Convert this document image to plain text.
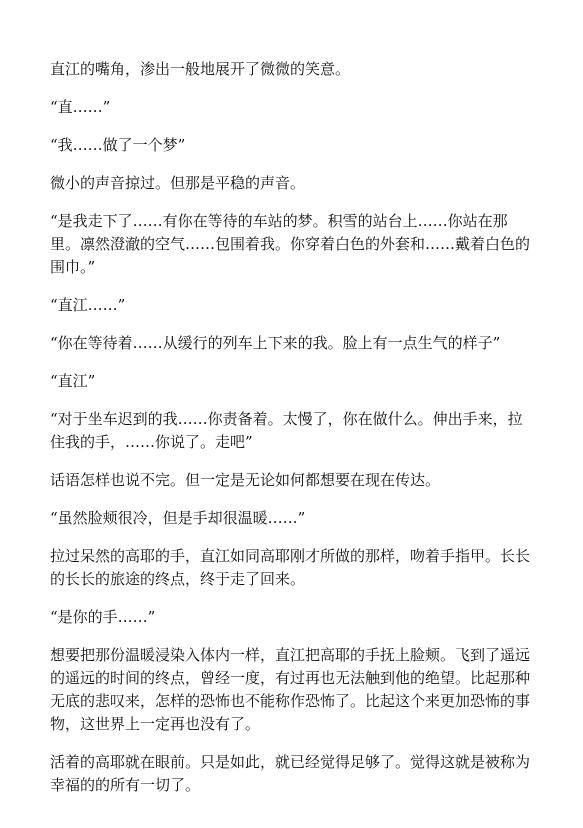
直江的嘴角，渗出一般地展开了微微的笑意。

“直……”

“我……做了一个梦”

微小的声音掠过。但那是平稳的声音。

“是我走下了……有你在等待的车站的梦。积雪的站台上……你站在那里。凛然澄澈的空气……包围着我。你穿着白色的外套和……戴着白色的围巾。”

“直江……”

“你在等待着……从缓行的列车上下来的我。脸上有一点生气的样子”

“直江”

“对于坐车迟到的我……你责备着。太慢了，你在做什么。伸出手来，拉住我的手，……你说了。走吧”

话语怎样也说不完。但一定是无论如何都想要在现在传达。

“虽然脸颊很冷，但是手却很温暖……”

拉过呆然的高耶的手，直江如同高耶刚才所做的那样，吻着手指甲。长长的长长的旅途的终点，终于走了回来。

“是你的手……”

想要把那份温暖浸染入体内一样，直江把高耶的手抚上脸颊。飞到了遥远的遥远的时间的终点，曾经一度，有过再也无法触到他的绝望。比起那种无底的悲叹来，怎样的恐怖也不能称作恐怖了。比起这个来更加恐怖的事物，这世界上一定再也没有了。

活着的高耶就在眼前。只是如此，就已经觉得足够了。觉得这就是被称为幸福的的所有一切了。
